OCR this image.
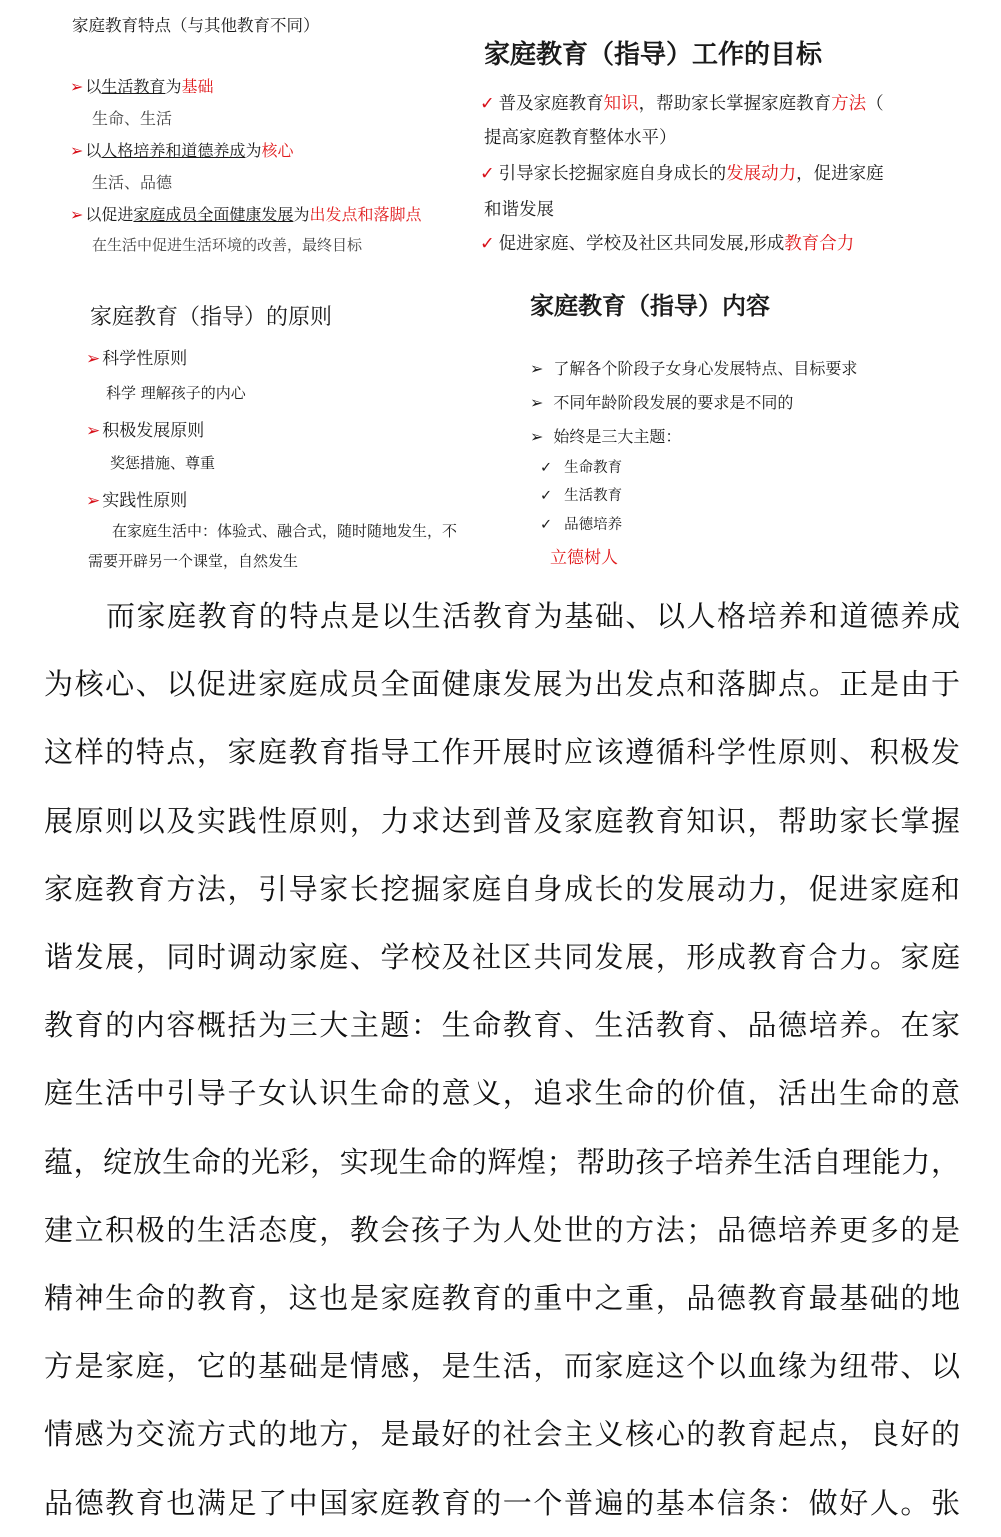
家庭教育特点（与其他教育不同）
➢ 以生活教育为基础
生命、生活
➢ 以人格培养和道德养成为核心
生活、品德
➢ 以促进家庭成员全面健康发展为出发点和落脚点
在生活中促进生活环境的改善，最终目标
家庭教育（指导）工作的目标
✓ 普及家庭教育知识，帮助家长掌握家庭教育方法（
提高家庭教育整体水平）
✓ 引导家长挖掘家庭自身成长的发展动力，促进家庭
和谐发展
✓ 促进家庭、学校及社区共同发展,形成教育合力
家庭教育（指导）的原则
➢ 科学性原则
科学 理解孩子的内心
➢ 积极发展原则
奖惩措施、尊重
➢ 实践性原则
在家庭生活中：体验式、融合式，随时随地发生，不
需要开辟另一个课堂，自然发生
家庭教育（指导）内容
➢ 了解各个阶段子女身心发展特点、目标要求
➢ 不同年龄阶段发展的要求是不同的
➢ 始终是三大主题：
✓ 生命教育
✓ 生活教育
✓ 品德培养
立德树人
而家庭教育的特点是以生活教育为基础、以人格培养和道德养成
为核心、以促进家庭成员全面健康发展为出发点和落脚点。正是由于
这样的特点，家庭教育指导工作开展时应该遵循科学性原则、积极发
展原则以及实践性原则，力求达到普及家庭教育知识，帮助家长掌握
家庭教育方法，引导家长挖掘家庭自身成长的发展动力，促进家庭和
谐发展，同时调动家庭、学校及社区共同发展，形成教育合力。家庭
教育的内容概括为三大主题：生命教育、生活教育、品德培养。在家
庭生活中引导子女认识生命的意义，追求生命的价值，活出生命的意
蕴，绽放生命的光彩，实现生命的辉煌；帮助孩子培养生活自理能力，
建立积极的生活态度，教会孩子为人处世的方法；品德培养更多的是
精神生命的教育，这也是家庭教育的重中之重，品德教育最基础的地
方是家庭，它的基础是情感，是生活，而家庭这个以血缘为纽带、以
情感为交流方式的地方，是最好的社会主义核心的教育起点，良好的
品德教育也满足了中国家庭教育的一个普遍的基本信条：做好人。张
